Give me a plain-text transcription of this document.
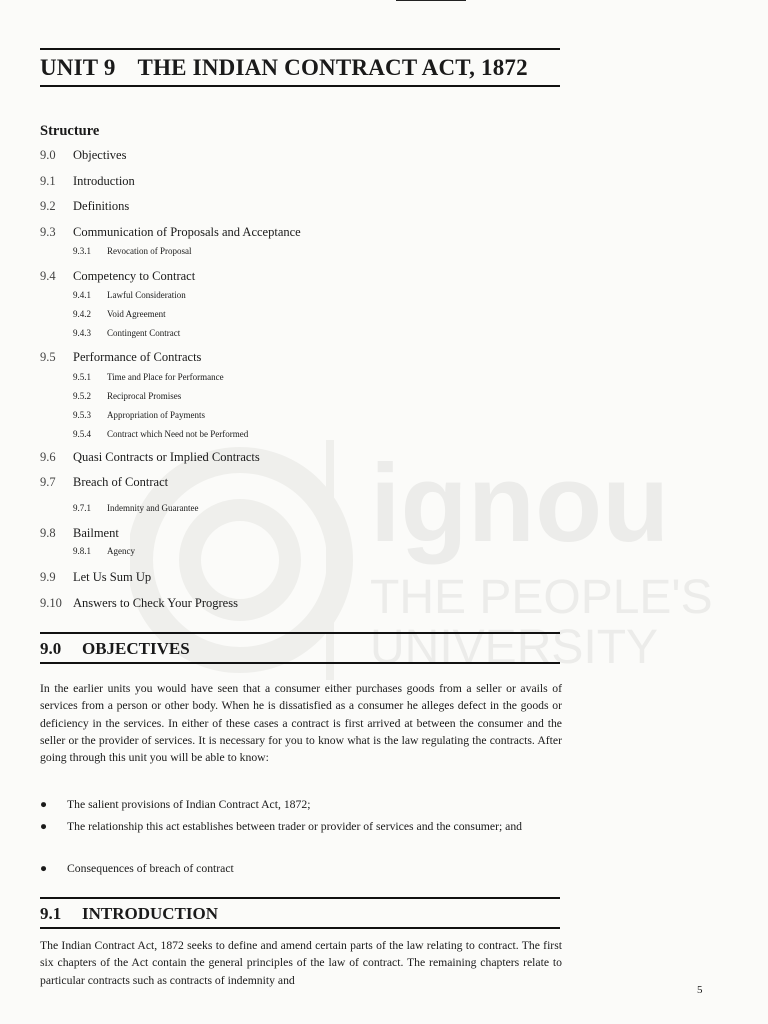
ignou
THE PEOPLE'S
UNIVERSITY
UNIT 9 THE INDIAN CONTRACT ACT, 1872
Structure
9.0	Objectives
9.1	Introduction
9.2	Definitions
9.3	Communication of Proposals and Acceptance
9.3.1	Revocation of Proposal
9.4	Competency to Contract
9.4.1	Lawful Consideration
9.4.2	Void Agreement
9.4.3	Contingent Contract
9.5	Performance of Contracts
9.5.1	Time and Place for Performance
9.5.2	Reciprocal Promises
9.5.3	Appropriation of Payments
9.5.4	Contract which Need not be Performed
9.6	Quasi Contracts or Implied Contracts
9.7	Breach of Contract
9.7.1	Indemnity and Guarantee
9.8	Bailment
9.8.1	Agency
9.9	Let Us Sum Up
9.10 Answers to Check Your Progress
9.0 OBJECTIVES
In the earlier units you would have seen that a consumer either purchases goods from a seller or avails of services from a person or other body. When he is dissatisfied as a consumer he alleges defect in the goods or deficiency in the services. In either of these cases a contract is first arrived at between the consumer and the seller or the provider of services. It is necessary for you to know what is the law regulating the contracts. After going through this unit you will be able to know:
● The salient provisions of Indian Contract Act, 1872;
● The relationship this act establishes between trader or provider of services and the consumer; and
● Consequences of breach of contract
9.1 INTRODUCTION
The Indian Contract Act, 1872 seeks to define and amend certain parts of the law relating to contract. The first six chapters of the Act contain the general principles of the law of contract. The remaining chapters relate to particular contracts such as contracts of indemnity and
5
